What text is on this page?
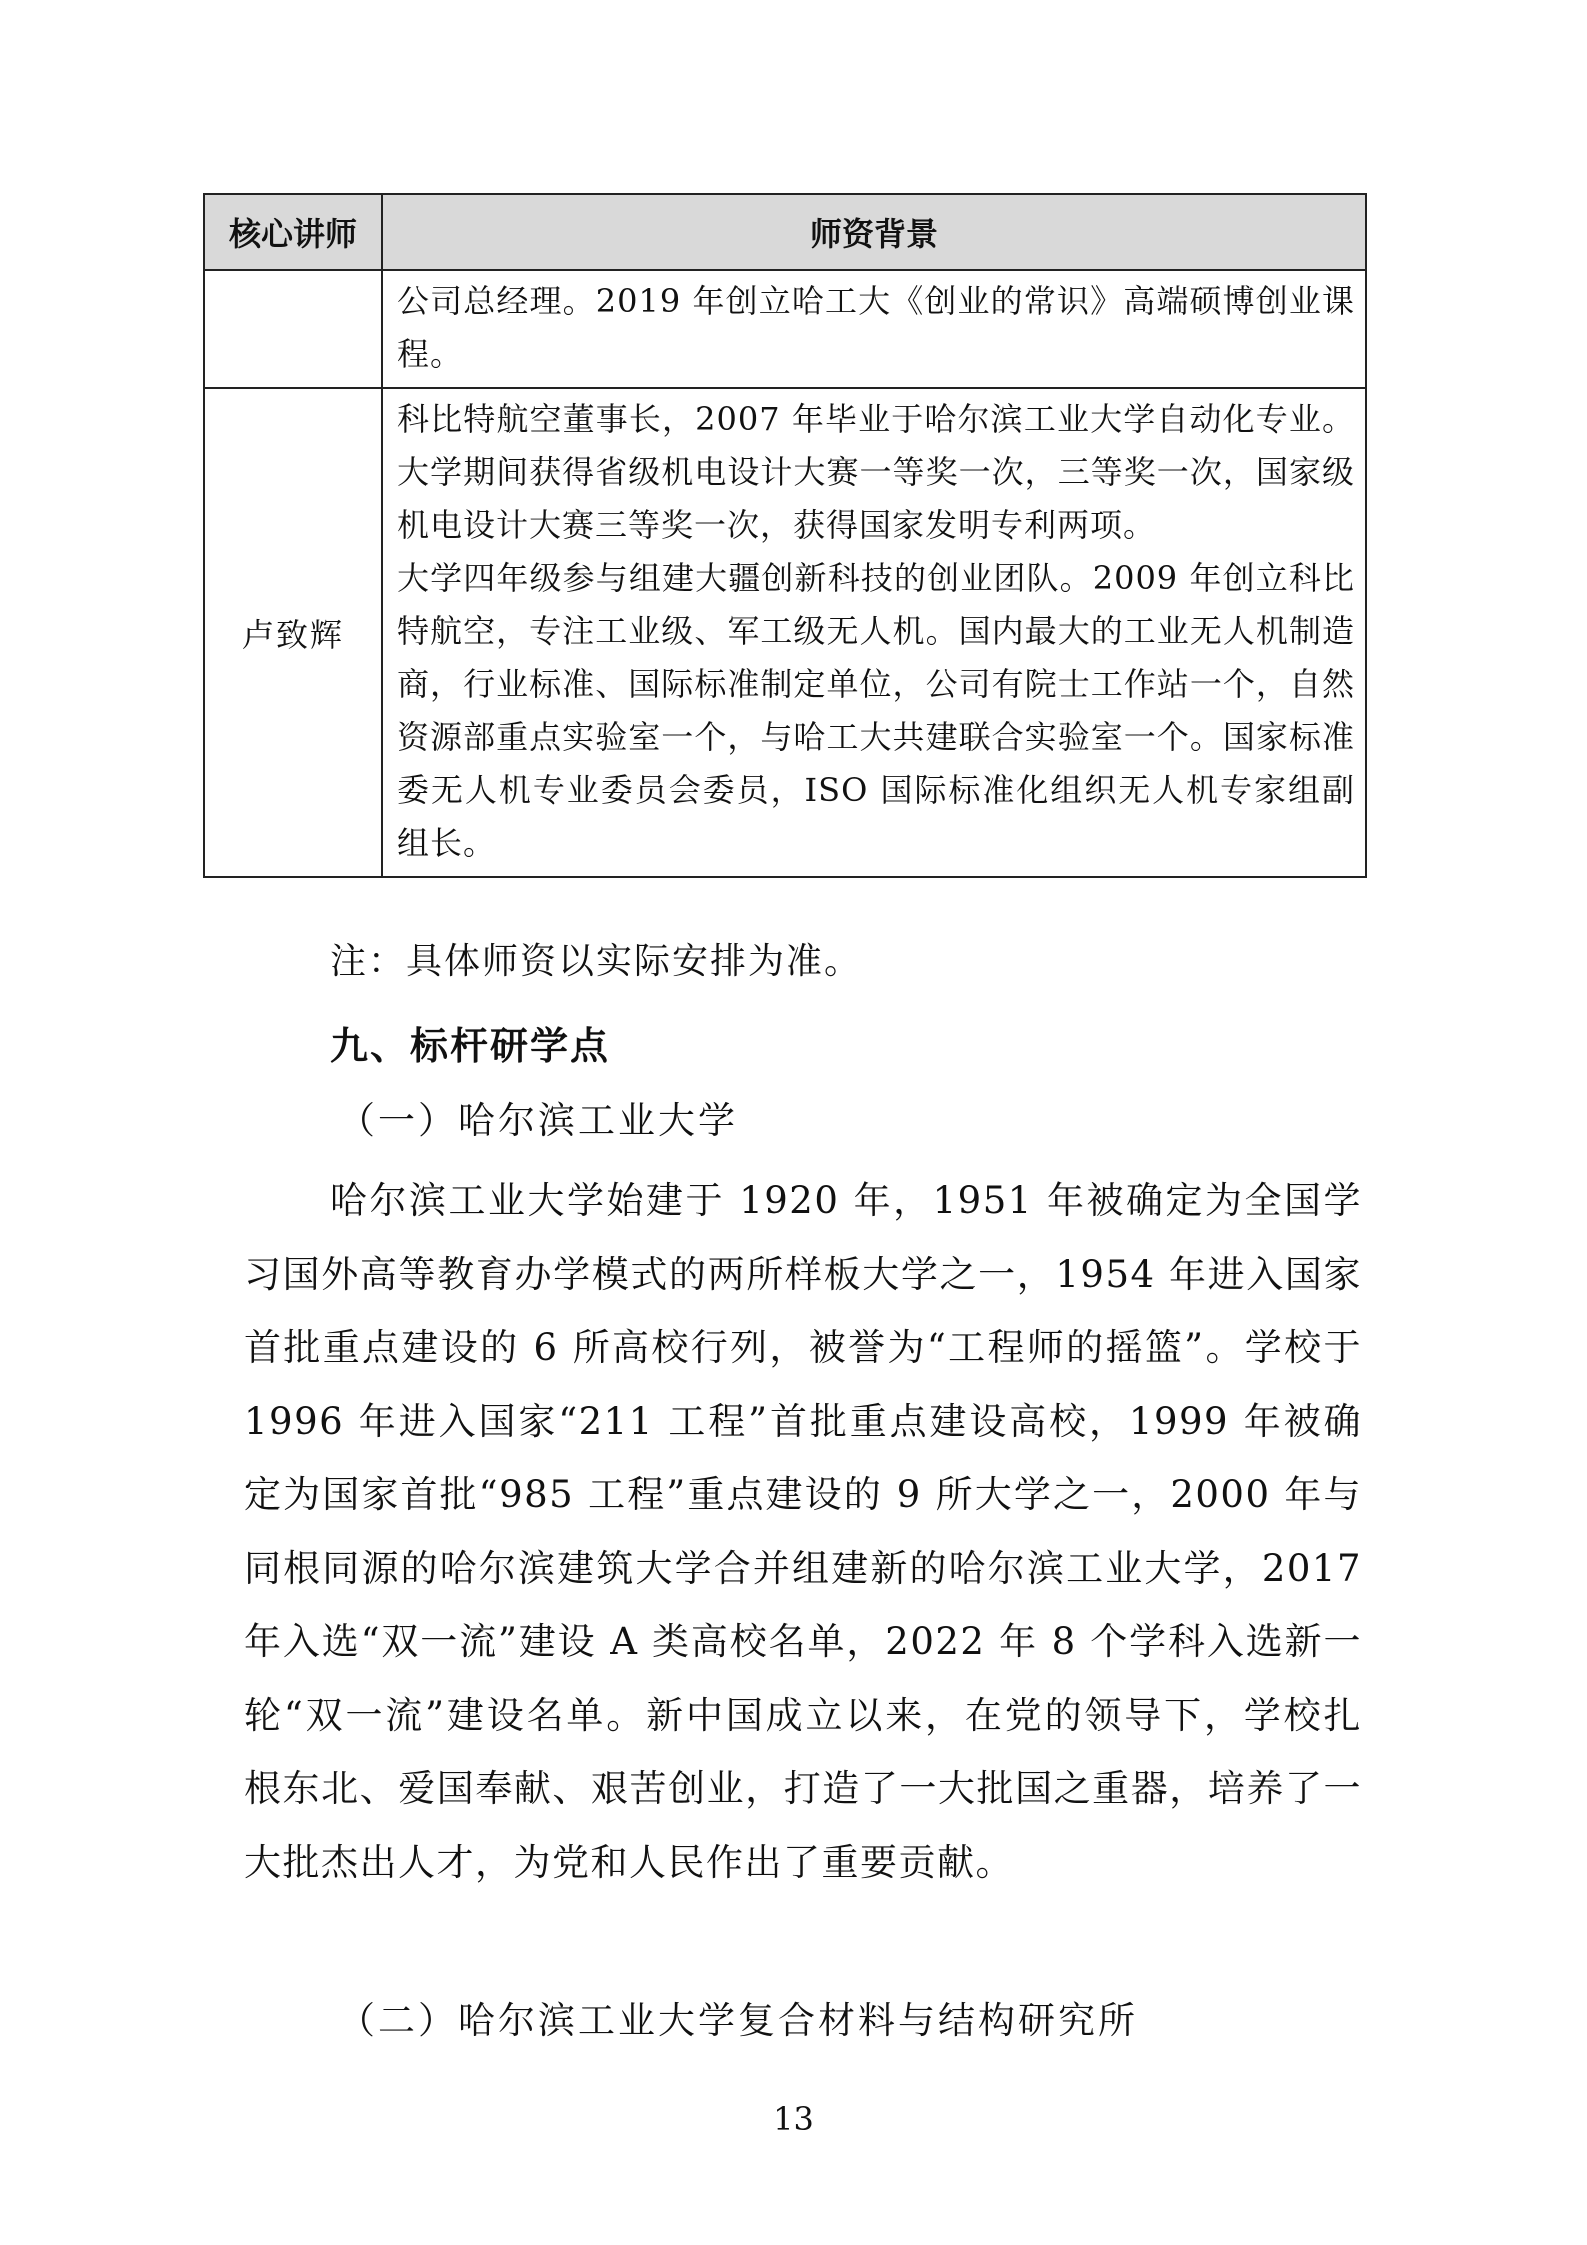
核心讲师	师资背景

	公司总经理。2019 年创立哈工大《创业的常识》高端硕博创业课程。

卢致辉	科比特航空董事长，2007 年毕业于哈尔滨工业大学自动化专业。 大学期间获得省级机电设计大赛一等奖一次，三等奖一次，国家级机电设计大赛三等奖一次，获得国家发明专利两项。

大学四年级参与组建大疆创新科技的创业团队。2009 年创立科比特航空，专注工业级、军工级无人机。国内最大的工业无人机制造商，行业标准、国际标准制定单位，公司有院士工作站一个，自然资源部重点实验室一个，与哈工大共建联合实验室一个。国家标准委无人机专业委员会委员，ISO 国际标准化组织无人机专家组副组长。

注：具体师资以实际安排为准。

九、标杆研学点

（一）哈尔滨工业大学

哈尔滨工业大学始建于 1920 年，1951 年被确定为全国学习国外高等教育办学模式的两所样板大学之一，1954 年进入国家首批重点建设的 6 所高校行列，被誉为“工程师的摇篮”。学校于 1996 年进入国家“211 工程”首批重点建设高校，1999 年被确定为国家首批“985 工程”重点建设的 9 所大学之一，2000 年与同根同源的哈尔滨建筑大学合并组建新的哈尔滨工业大学，2017 年入选“双一流”建设 A 类高校名单，2022 年 8 个学科入选新一轮“双一流”建设名单。新中国成立以来，在党的领导下，学校扎根东北、爱国奉献、艰苦创业，打造了一大批国之重器，培养了一大批杰出人才，为党和人民作出了重要贡献。

（二）哈尔滨工业大学复合材料与结构研究所

13
